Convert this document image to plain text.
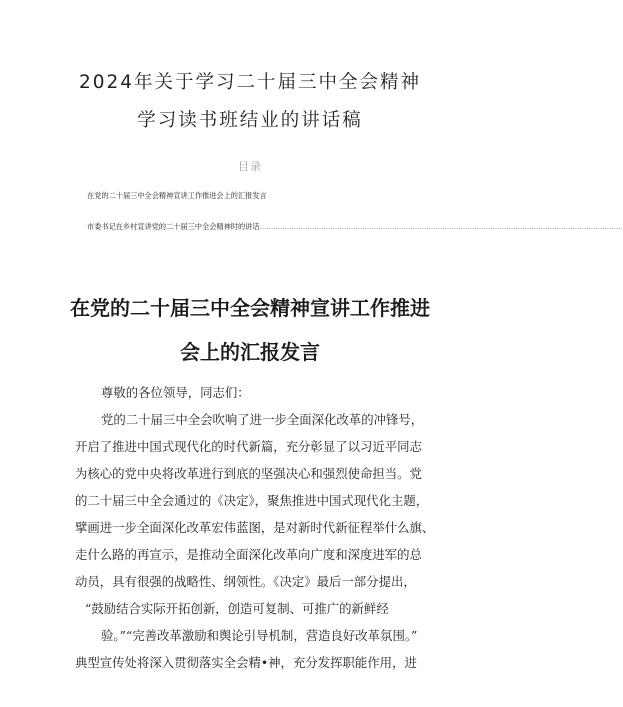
2024年关于学习二十届三中全会精神
学习读书班结业的讲话稿
目录
在党的二十届三中全会精神宣讲工作推进会上的汇报发言
市委书记在乡村宣讲党的二十届三中全会精神时的讲话...............................................................................................................................................................
在党的二十届三中全会精神宣讲工作推进
会上的汇报发言
尊敬的各位领导，同志们：
党的二十届三中全会吹响了进一步全面深化改革的冲锋号，
开启了推进中国式现代化的时代新篇，充分彰显了以习近平同志
为核心的党中央将改革进行到底的坚强决心和强烈使命担当。党
的二十届三中全会通过的《决定》，聚焦推进中国式现代化主题，
擘画进一步全面深化改革宏伟蓝图，是对新时代新征程举什么旗、
走什么路的再宣示，是推动全面深化改革向广度和深度进军的总
动员，具有很强的战略性、纲领性。《决定》最后一部分提出，
“鼓励结合实际开拓创新，创造可复制、可推广的新鲜经
验。”“完善改革激励和舆论引导机制，营造良好改革氛围。”
典型宣传处将深入贯彻落实全会精•神，充分发挥职能作用，进
